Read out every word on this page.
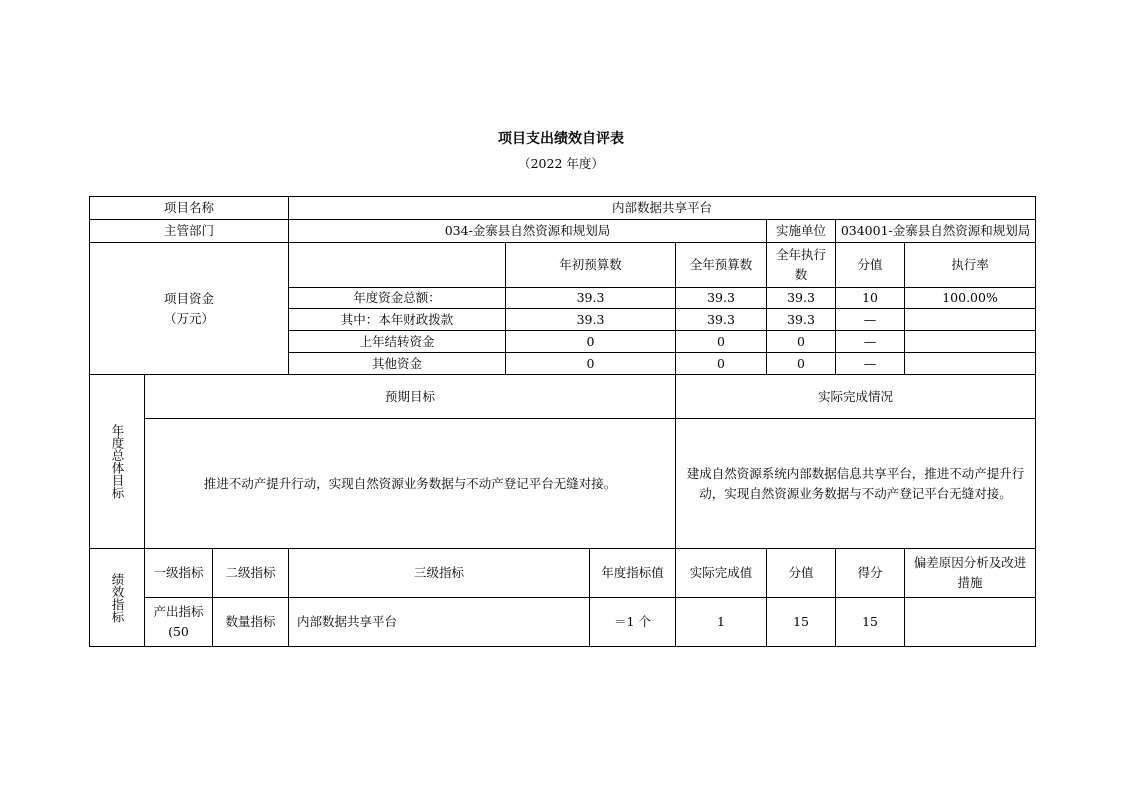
项目支出绩效自评表
（2022 年度）
项目名称			内部数据共享平台							
主管部门			034-金寨县自然资源和规划局				实施单位	034001-金寨县自然资源和规划局		

项目资金
（万元）				年初预算数		全年预算数	全年执行数	分值	执行率	
			年度资金总额：	39.3		39.3	39.3	10	100.00%	
			其中：本年财政拨款	39.3		39.3	39.3	—		
			上年结转资金	0		0	0	—		
			其他资金	0		0	0	—		

年度总体目标	预期目标					实际完成情况				
	推进不动产提升行动，实现自然资源业务数据与不动产登记平台无缝对接。					建成自然资源系统内部数据信息共享平台，推进不动产提升行动，实现自然资源业务数据与不动产登记平台无缝对接。				

绩效指标	一级指标	二级指标	三级指标		年度指标值	实际完成值	分值	得分	偏差原因分析及改进措施	
	产出指标(50	数量指标	内部数据共享平台		＝1 个	1	15	15		
